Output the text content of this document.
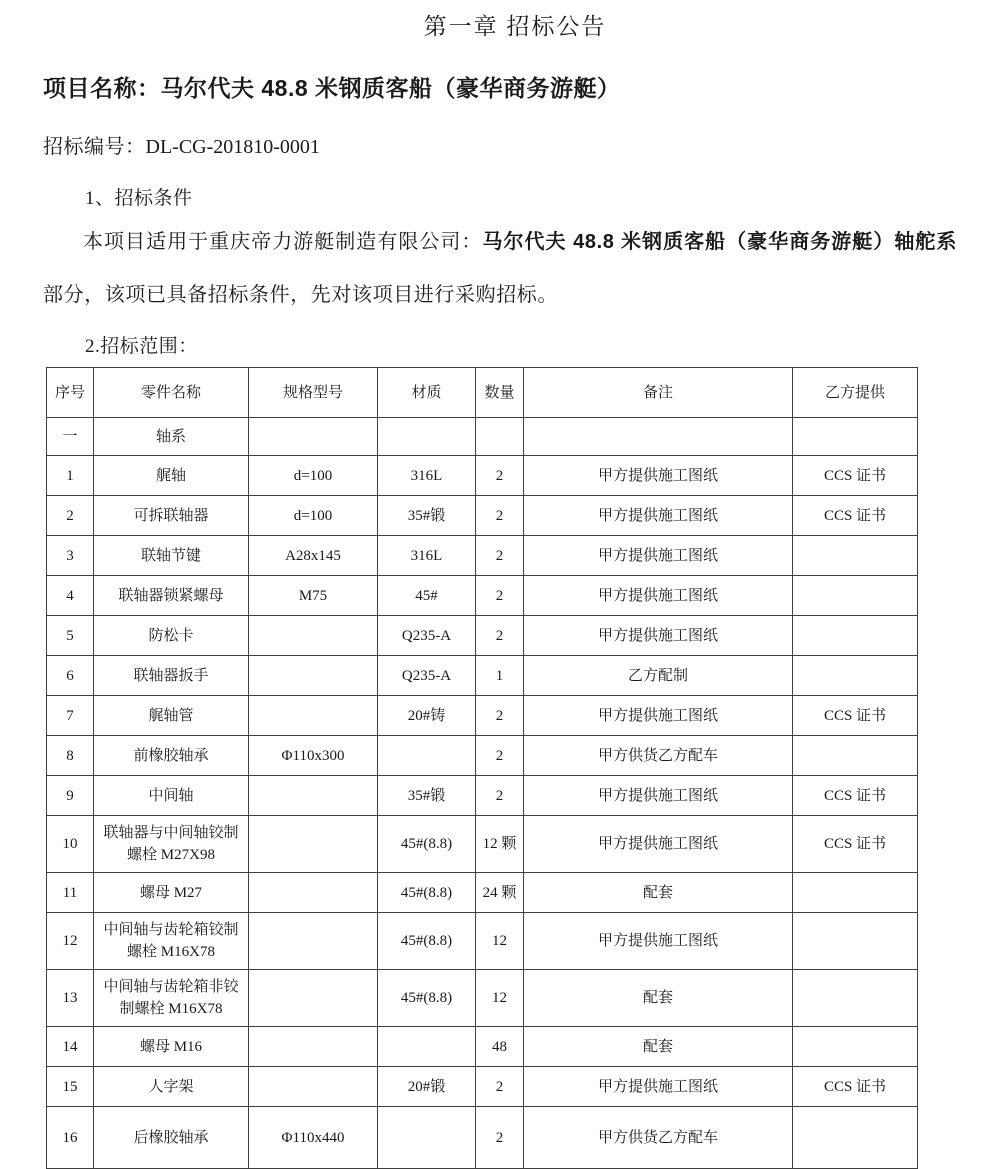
第一章 招标公告
项目名称：马尔代夫 48.8 米钢质客船（豪华商务游艇）
招标编号：DL-CG-201810-0001
1、招标条件
本项目适用于重庆帝力游艇制造有限公司：马尔代夫 48.8 米钢质客船（豪华商务游艇）轴舵系部分，该项已具备招标条件，先对该项目进行采购招标。
2.招标范围：
序号	零件名称	规格型号	材质	数量	备注	乙方提供
一	轴系					
1	艉轴	d=100	316L	2	甲方提供施工图纸	CCS 证书
2	可拆联轴器	d=100	35#锻	2	甲方提供施工图纸	CCS 证书
3	联轴节键	A28x145	316L	2	甲方提供施工图纸	
4	联轴器锁紧螺母	M75	45#	2	甲方提供施工图纸	
5	防松卡		Q235-A	2	甲方提供施工图纸	
6	联轴器扳手		Q235-A	1	乙方配制	
7	艉轴管		20#铸	2	甲方提供施工图纸	CCS 证书
8	前橡胶轴承	Φ110x300		2	甲方供货乙方配车	
9	中间轴		35#锻	2	甲方提供施工图纸	CCS 证书
10	联轴器与中间轴铰制螺栓 M27X98		45#(8.8)	12 颗	甲方提供施工图纸	CCS 证书
11	螺母 M27		45#(8.8)	24 颗	配套	
12	中间轴与齿轮箱铰制螺栓 M16X78		45#(8.8)	12	甲方提供施工图纸	
13	中间轴与齿轮箱非铰制螺栓 M16X78		45#(8.8)	12	配套	
14	螺母 M16			48	配套	
15	人字架		20#锻	2	甲方提供施工图纸	CCS 证书
16	后橡胶轴承	Φ110x440		2	甲方供货乙方配车	
